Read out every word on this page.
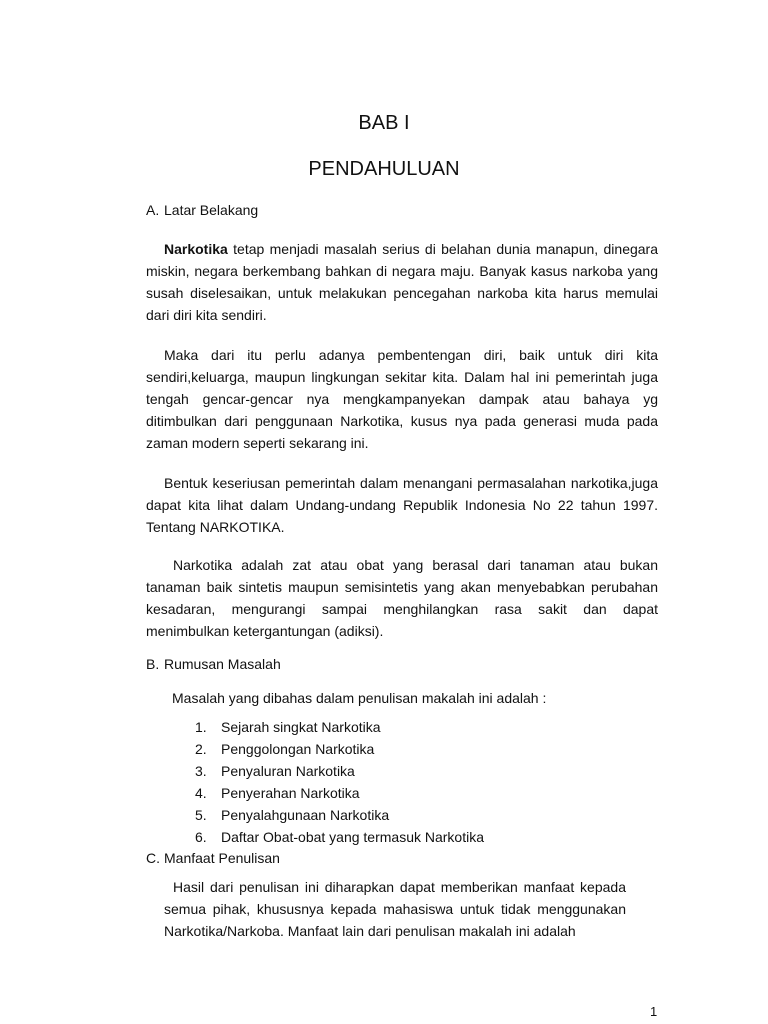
BAB I
PENDAHULUAN
A. Latar Belakang

Narkotika tetap menjadi masalah serius di belahan dunia manapun, dinegara miskin, negara berkembang bahkan di negara maju. Banyak kasus narkoba yang susah diselesaikan, untuk melakukan pencegahan narkoba kita harus memulai dari diri kita sendiri.

Maka dari itu perlu adanya pembentengan diri, baik untuk diri kita sendiri,keluarga, maupun lingkungan sekitar kita. Dalam hal ini pemerintah juga tengah gencar-gencar nya mengkampanyekan dampak atau bahaya yg ditimbulkan dari penggunaan Narkotika, kusus nya pada generasi muda pada zaman modern seperti sekarang ini.

Bentuk keseriusan pemerintah dalam menangani permasalahan narkotika,juga dapat kita lihat dalam Undang-undang Republik Indonesia No 22 tahun 1997. Tentang NARKOTIKA.

Narkotika adalah zat atau obat yang berasal dari tanaman atau bukan tanaman baik sintetis maupun semisintetis yang akan menyebabkan perubahan kesadaran, mengurangi sampai menghilangkan rasa sakit dan dapat menimbulkan ketergantungan (adiksi).

B. Rumusan Masalah

Masalah yang dibahas dalam penulisan makalah ini adalah :

1. Sejarah singkat Narkotika
2. Penggolongan Narkotika
3. Penyaluran Narkotika
4. Penyerahan Narkotika
5. Penyalahgunaan Narkotika
6. Daftar Obat-obat yang termasuk Narkotika
C. Manfaat Penulisan

Hasil dari penulisan ini diharapkan dapat memberikan manfaat kepada semua pihak, khususnya kepada mahasiswa untuk tidak menggunakan Narkotika/Narkoba. Manfaat lain dari penulisan makalah ini adalah

1
